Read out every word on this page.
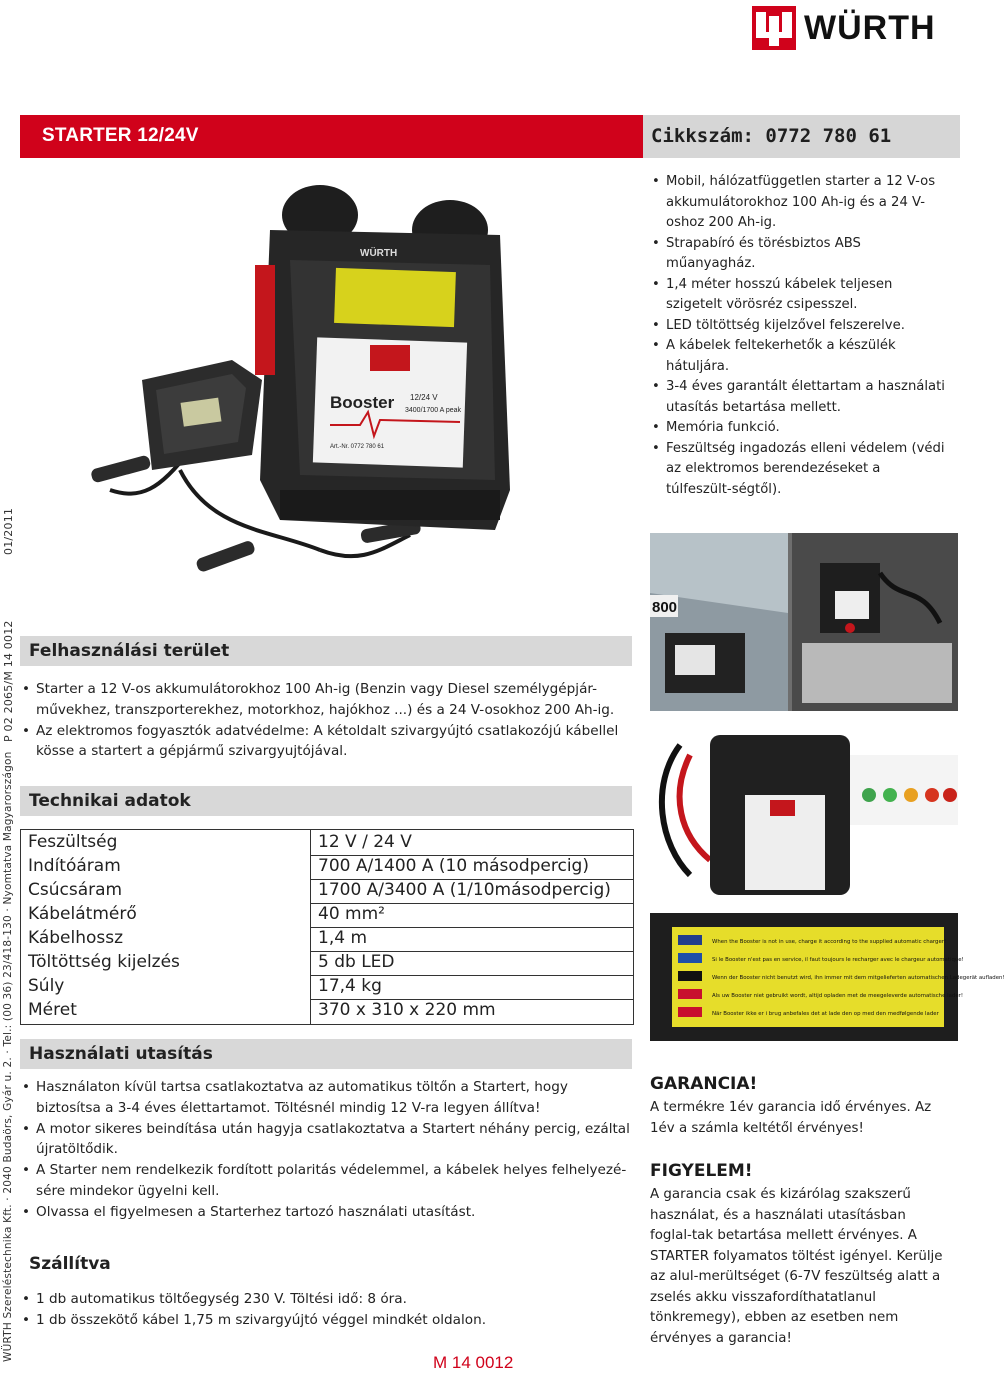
WÜRTH
STARTER 12/24V	Cikkszám: 0772 780 61
• Mobil, hálózatfüggetlen starter a 12 V-os akkumulátorokhoz 100 Ah-ig és a 24 V-oshoz 200 Ah-ig.
• Strapabíró és törésbiztos ABS műanyagház.
• 1,4 méter hosszú kábelek teljesen szigetelt vörösréz csipesszel.
• LED töltöttség kijelzővel felszerelve.
• A kábelek feltekerhetők a készülék hátuljára.
• 3-4 éves garantált élettartam a használati utasítás betartása mellett.
• Memória funkció.
• Feszültség ingadozás elleni védelem (védi az elektromos berendezéseket a túlfeszült-ségtől).
01/2011
P 02 2065/M 14 0012
WÜRTH Szereléstechnika Kft. · 2040 Budaörs, Gyár u. 2. · Tel.: (00 36) 23/418-130 · Nyomtatva Magyarországon
Booster 12/24 V
3400/1700 A peak
Art.-Nr. 0772 780 61
WÜRTH
800
When the Booster is not in use, charge it according to the supplied automatic charger!
Si le Booster n'est pas en service, il faut toujours le recharger avec le chargeur automatique!
Wenn der Booster nicht benutzt wird, ihn immer mit dem mitgelieferten automatischen Ladegerät aufladen!
Als uw Booster niet gebruikt wordt, altijd opladen met de meegeleverde automatische lader!
När Booster ikke er i brug anbefales det at lade den op med den medfølgende lader
Felhasználási terület
• Starter a 12 V-os akkumulátorokhoz 100 Ah-ig (Benzin vagy Diesel személygépjár-művekhez, transzporterekhez, motorkhoz, hajókhoz ...) és a 24 V-osokhoz 200 Ah-ig.
• Az elektromos fogyasztók adatvédelme: A kétoldalt szivargyújtó csatlakozójú kábellel kösse a startert a gépjármű szivargyujtójával.
Technikai adatok
Feszültség	12 V / 24 V
Indítóáram	700 A/1400 A (10 másodpercig)
Csúcsáram	1700 A/3400 A (1/10másodpercig)
Kábelátmérő	40 mm²
Kábelhossz	1,4 m
Töltöttség kijelzés	5 db LED
Súly	17,4 kg
Méret	370 x 310 x 220 mm
Használati utasítás
• Használaton kívül tartsa csatlakoztatva az automatikus töltőn a Startert, hogy biztosítsa a 3-4 éves élettartamot. Töltésnél mindig 12 V-ra legyen állítva!
• A motor sikeres beindítása után hagyja csatlakoztatva a Startert néhány percig, ezáltal újratöltődik.
• A Starter nem rendelkezik fordított polaritás védelemmel, a kábelek helyes felhelyezé-sére mindekor ügyelni kell.
• Olvassa el figyelmesen a Starterhez tartozó használati utasítást.
Szállítva
• 1 db automatikus töltőegység 230 V. Töltési idő: 8 óra.
• 1 db összekötő kábel 1,75 m szivargyújtó véggel mindkét oldalon.
GARANCIA!
A termékre 1év garancia idő érvényes. Az 1év a számla keltétől érvényes!
FIGYELEM!
A garancia csak és kizárólag szakszerű használat, és a használati utasításban foglal-tak betartása mellett érvényes. A STARTER folyamatos töltést igényel. Kerülje az alul-merültséget (6-7V feszültség alatt a zselés akku visszafordíthatatlanul tönkremegy), ebben az esetben nem érvényes a garancia!
M 14 0012
